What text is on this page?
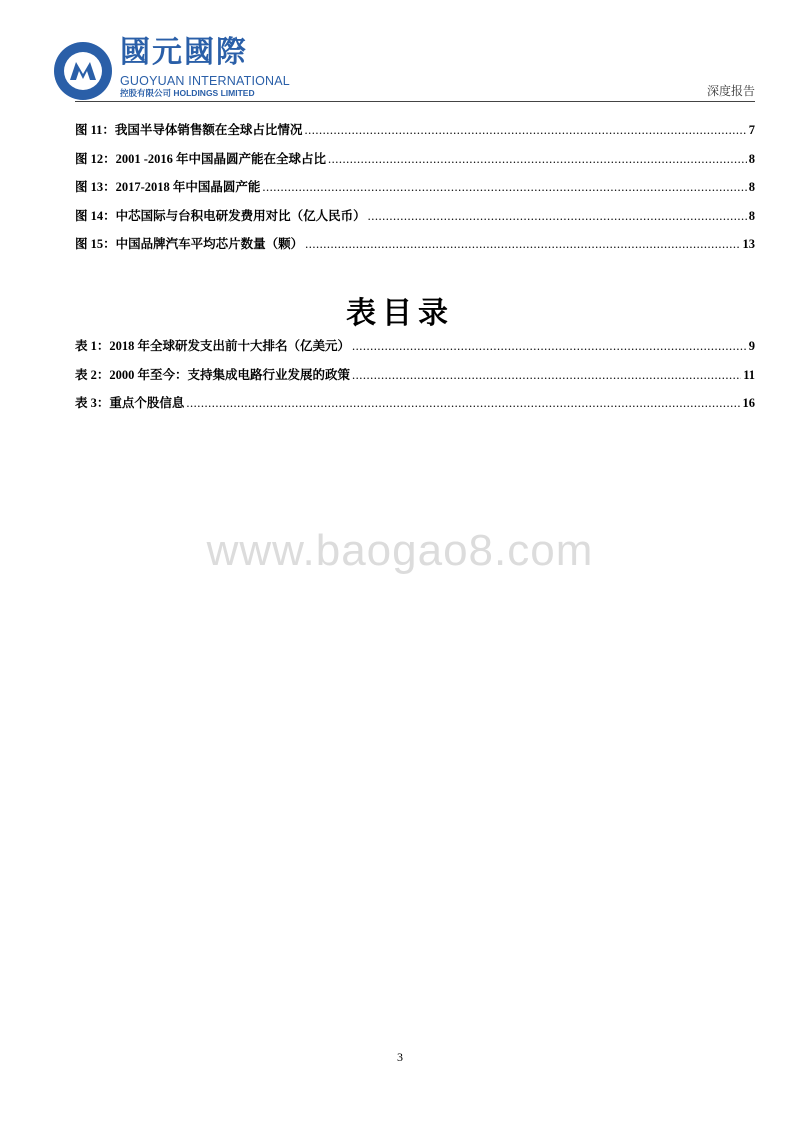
國元國際
GUOYUAN INTERNATIONAL
控股有限公司 HOLDINGS LIMITED	深度报告
图 11：我国半导体销售额在全球占比情况 .....	7
图 12：2001 -2016 年中国晶圆产能在全球占比 .....	8
图 13：2017-2018 年中国晶圆产能 .....	8
图 14：中芯国际与台积电研发费用对比（亿人民币） .....	8
图 15：中国品牌汽车平均芯片数量（颗） .....	13
表目录
表 1：2018 年全球研发支出前十大排名（亿美元） .....	9
表 2：2000 年至今：支持集成电路行业发展的政策 .....	11
表 3：重点个股信息 .....	16
www.baogao8.com
3
